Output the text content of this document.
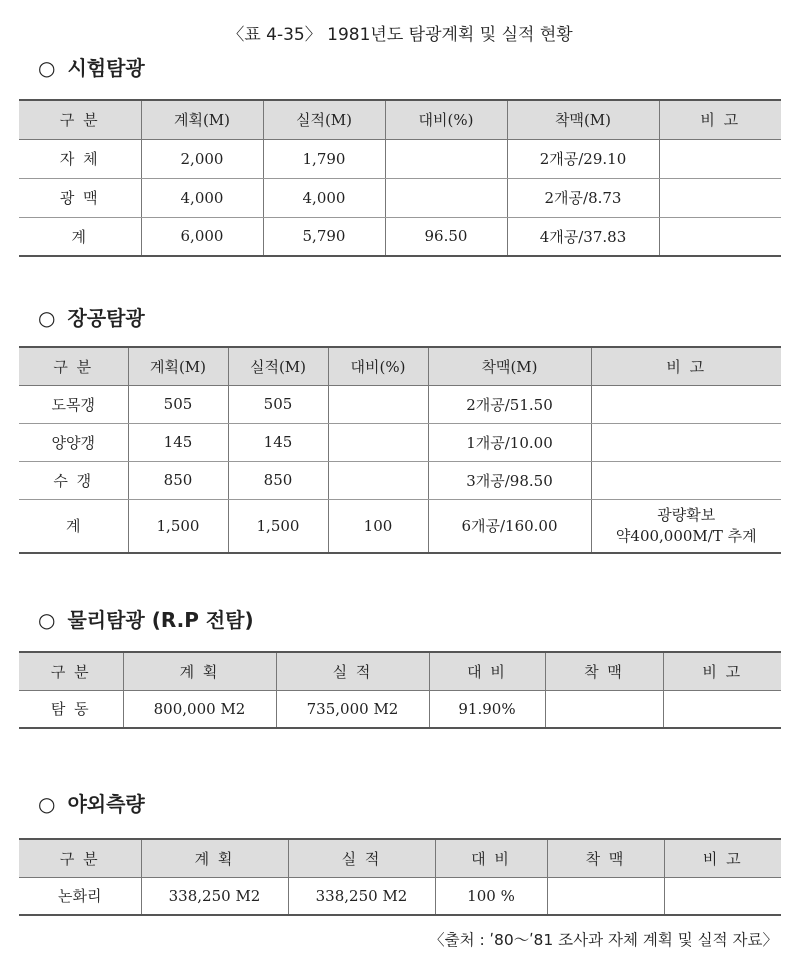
〈표 4-35〉 1981년도 탐광계획 및 실적 현황
○ 시험탐광
구 분	계획(M)	실적(M)	대비(%)	착맥(M)	비 고
자 체	2,000	1,790		2개공/29.10	
광 맥	4,000	4,000		2개공/8.73	
계	6,000	5,790	96.50	4개공/37.83	
○ 장공탐광
구 분	계획(M)	실적(M)	대비(%)	착맥(M)	비 고
도목갱	505	505		2개공/51.50	
양양갱	145	145		1개공/10.00	
수 갱	850	850		3개공/98.50	
계	1,500	1,500	100	6개공/160.00	광량확보
약400,000M/T 추계
○ 물리탐광 (R.P 전탐)
구 분	계 획	실 적	대 비	착 맥	비 고
탐 동	800,000 M2	735,000 M2	91.90%		
○ 야외측량
구 분	계 획	실 적	대 비	착 맥	비 고
논화리	338,250 M2	338,250 M2	100 %		
〈출처 : ʹ80～ʹ81 조사과 자체 계획 및 실적 자료〉
